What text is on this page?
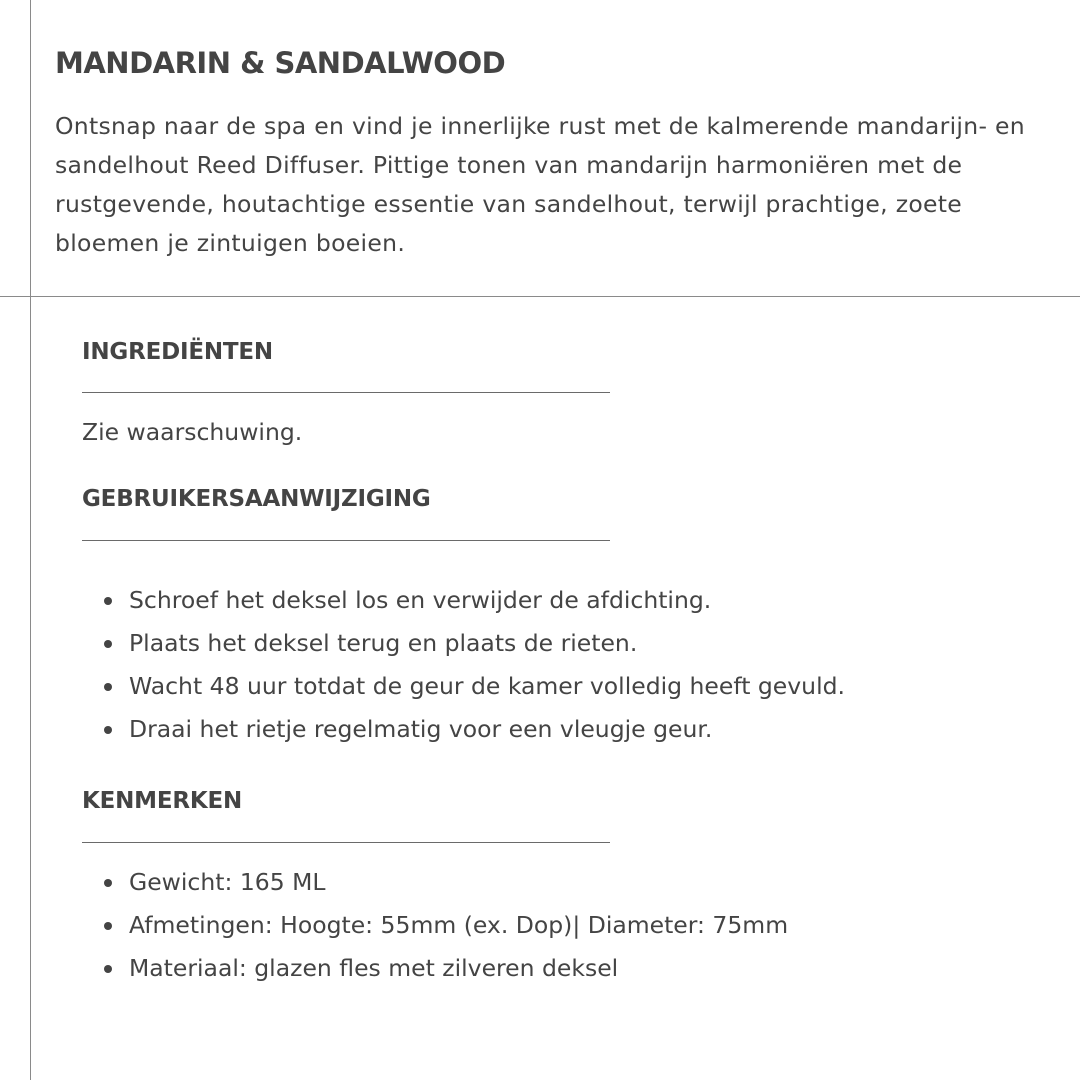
MANDARIN & SANDALWOOD

Ontsnap naar de spa en vind je innerlijke rust met de kalmerende mandarijn- en sandelhout Reed Diffuser. Pittige tonen van mandarijn harmoniëren met de rustgevende, houtachtige essentie van sandelhout, terwijl prachtige, zoete bloemen je zintuigen boeien.

INGREDIËNTEN

Zie waarschuwing.

GEBRUIKERSAANWIJZIGING
Schroef het deksel los en verwijder de afdichting.
Plaats het deksel terug en plaats de rieten.
Wacht 48 uur totdat de geur de kamer volledig heeft gevuld.
Draai het rietje regelmatig voor een vleugje geur.
KENMERKEN
Gewicht: 165 ML
Afmetingen: Hoogte: 55mm (ex. Dop)| Diameter: 75mm
Materiaal: glazen fles met zilveren deksel
